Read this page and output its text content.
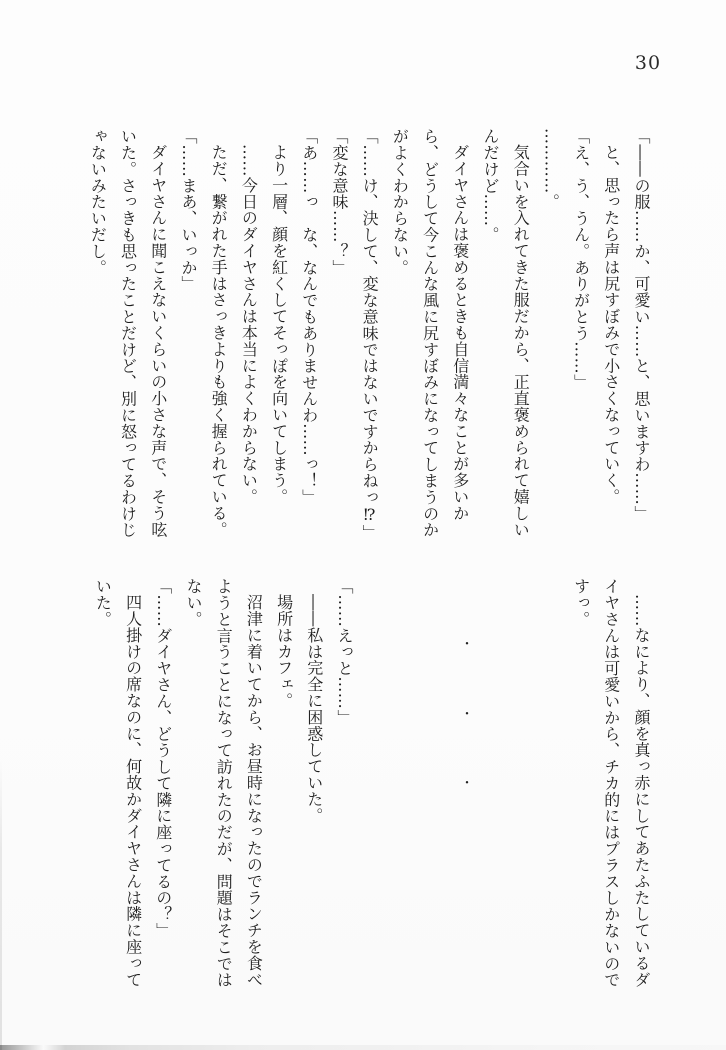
30
「――の服……か、可愛い……と、思いますわ……」
と、思ったら声は尻すぼみで小さくなっていく。
「え、う、うん。ありがとう……」
…………。
気合いを入れてきた服だから、正直褒められて嬉しい
んだけど……。
ダイヤさんは褒めるときも自信満々なことが多いか
ら、どうして今こんな風に尻すぼみになってしまうのか
がよくわからない。
「……け、決して、変な意味ではないですからねっ⁉」
「変な意味……？」
「あ……っ　な、なんでもありませんわ……っ！」
より一層、顔を紅くしてそっぽを向いてしまう。
……今日のダイヤさんは本当によくわからない。
ただ、繋がれた手はさっきよりも強く握られている。
「……まあ、いっか」
ダイヤさんに聞こえないくらいの小さな声で、そう呟
いた。さっきも思ったことだけど、別に怒ってるわけじ
ゃないみたいだし。
・
・
・	……なにより、顔を真っ赤にしてあたふたしているダ
イヤさんは可愛いから、チカ的にはプラスしかないので
すっ。
「……えっと……」
――私は完全に困惑していた。
場所はカフェ。
沼津に着いてから、お昼時になったのでランチを食べ
ようと言うことになって訪れたのだが、問題はそこでは
ない。
「……ダイヤさん、どうして隣に座ってるの？」
四人掛けの席なのに、何故かダイヤさんは隣に座って
いた。
